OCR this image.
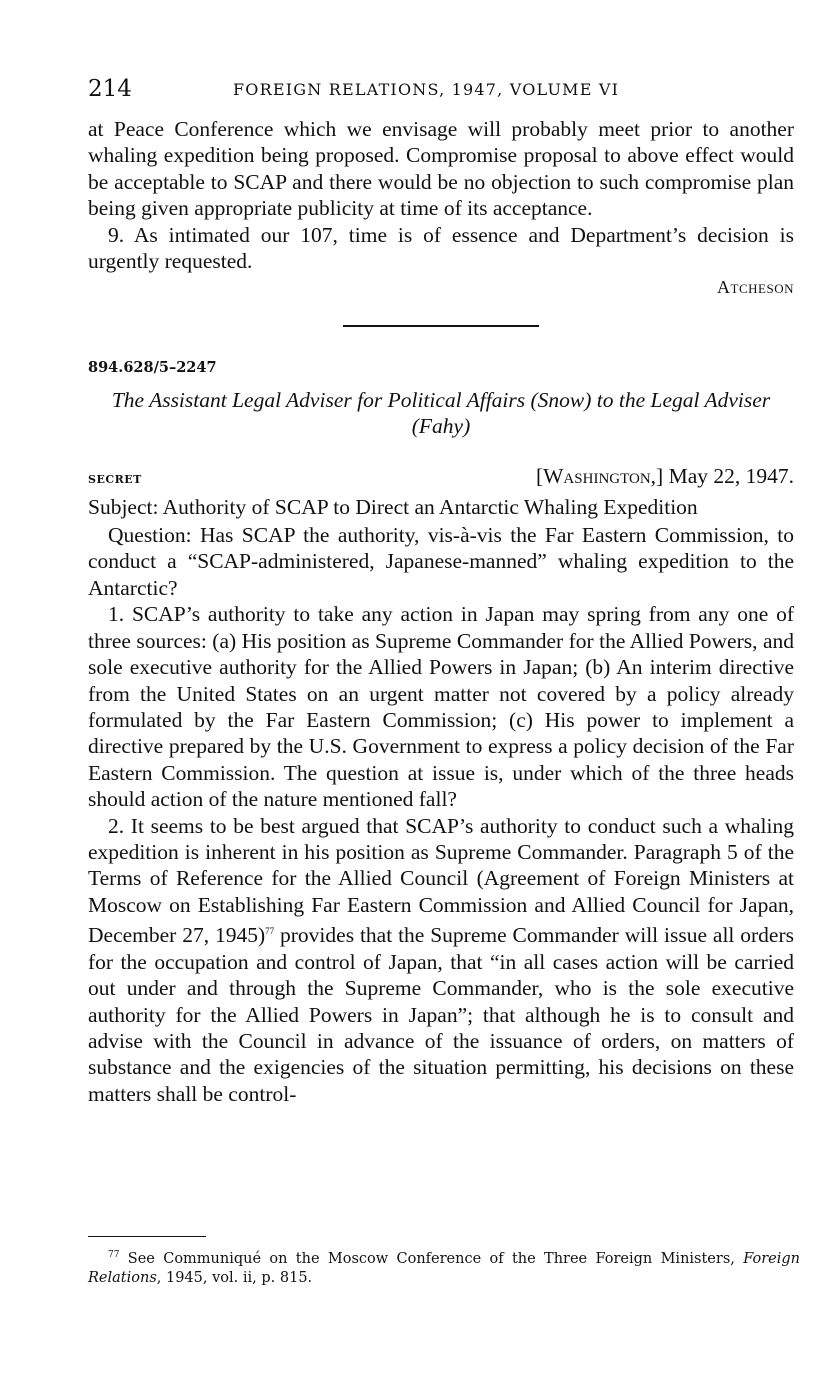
214	FOREIGN RELATIONS, 1947, VOLUME VI

at Peace Conference which we envisage will probably meet prior to another whaling expedition being proposed. Compromise proposal to above effect would be acceptable to SCAP and there would be no objection to such compromise plan being given appropriate publicity at time of its acceptance.

9. As intimated our 107, time is of essence and Department’s decision is urgently requested.

Atcheson

894.628/5–2247

The Assistant Legal Adviser for Political Affairs (Snow) to the Legal Adviser (Fahy)

secret	[Washington,] May 22, 1947.

Subject: Authority of SCAP to Direct an Antarctic Whaling Expedition

Question: Has SCAP the authority, vis-à-vis the Far Eastern Commission, to conduct a “SCAP-administered, Japanese-manned” whaling expedition to the Antarctic?

1. SCAP’s authority to take any action in Japan may spring from any one of three sources: (a) His position as Supreme Commander for the Allied Powers, and sole executive authority for the Allied Powers in Japan; (b) An interim directive from the United States on an urgent matter not covered by a policy already formulated by the Far Eastern Commission; (c) His power to implement a directive prepared by the U.S. Government to express a policy decision of the Far Eastern Commission. The question at issue is, under which of the three heads should action of the nature mentioned fall?

2. It seems to be best argued that SCAP’s authority to conduct such a whaling expedition is inherent in his position as Supreme Commander. Paragraph 5 of the Terms of Reference for the Allied Council (Agreement of Foreign Ministers at Moscow on Establishing Far Eastern Commission and Allied Council for Japan, December 27, 1945)$^{77}$ provides that the Supreme Commander will issue all orders for the occupation and control of Japan, that “in all cases action will be carried out under and through the Supreme Commander, who is the sole executive authority for the Allied Powers in Japan”; that although he is to consult and advise with the Council in advance of the issuance of orders, on matters of substance and the exigencies of the situation permitting, his decisions on these matters shall be control-

$^{77}$ See Communiqué on the Moscow Conference of the Three Foreign Ministers, Foreign Relations, 1945, vol. ii, p. 815.
